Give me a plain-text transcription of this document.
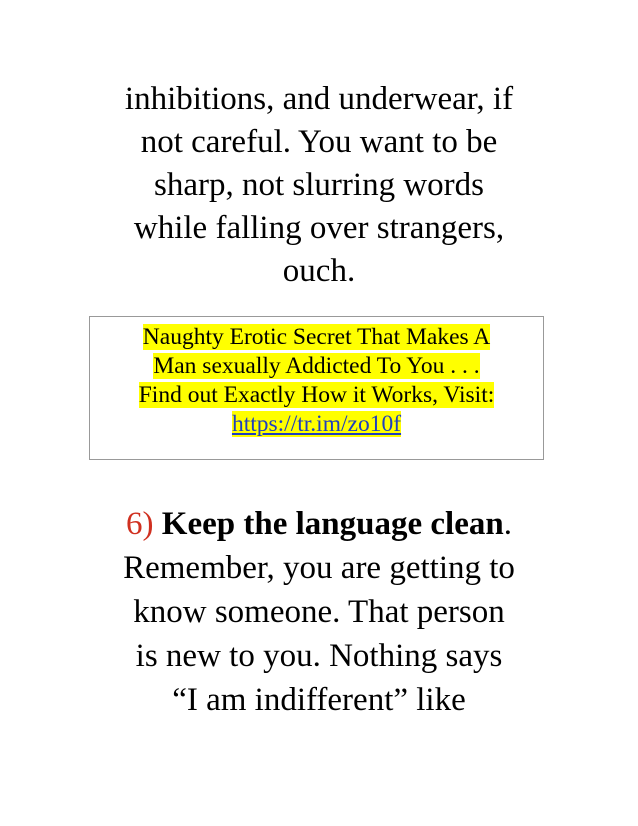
inhibitions, and underwear, if
not careful. You want to be
sharp, not slurring words
while falling over strangers,
ouch.
Naughty Erotic Secret That Makes A
Man sexually Addicted To You . . .
Find out Exactly How it Works, Visit:
https://tr.im/zo10f
6) Keep the language clean.
Remember, you are getting to
know someone. That person
is new to you. Nothing says
“I am indifferent” like
